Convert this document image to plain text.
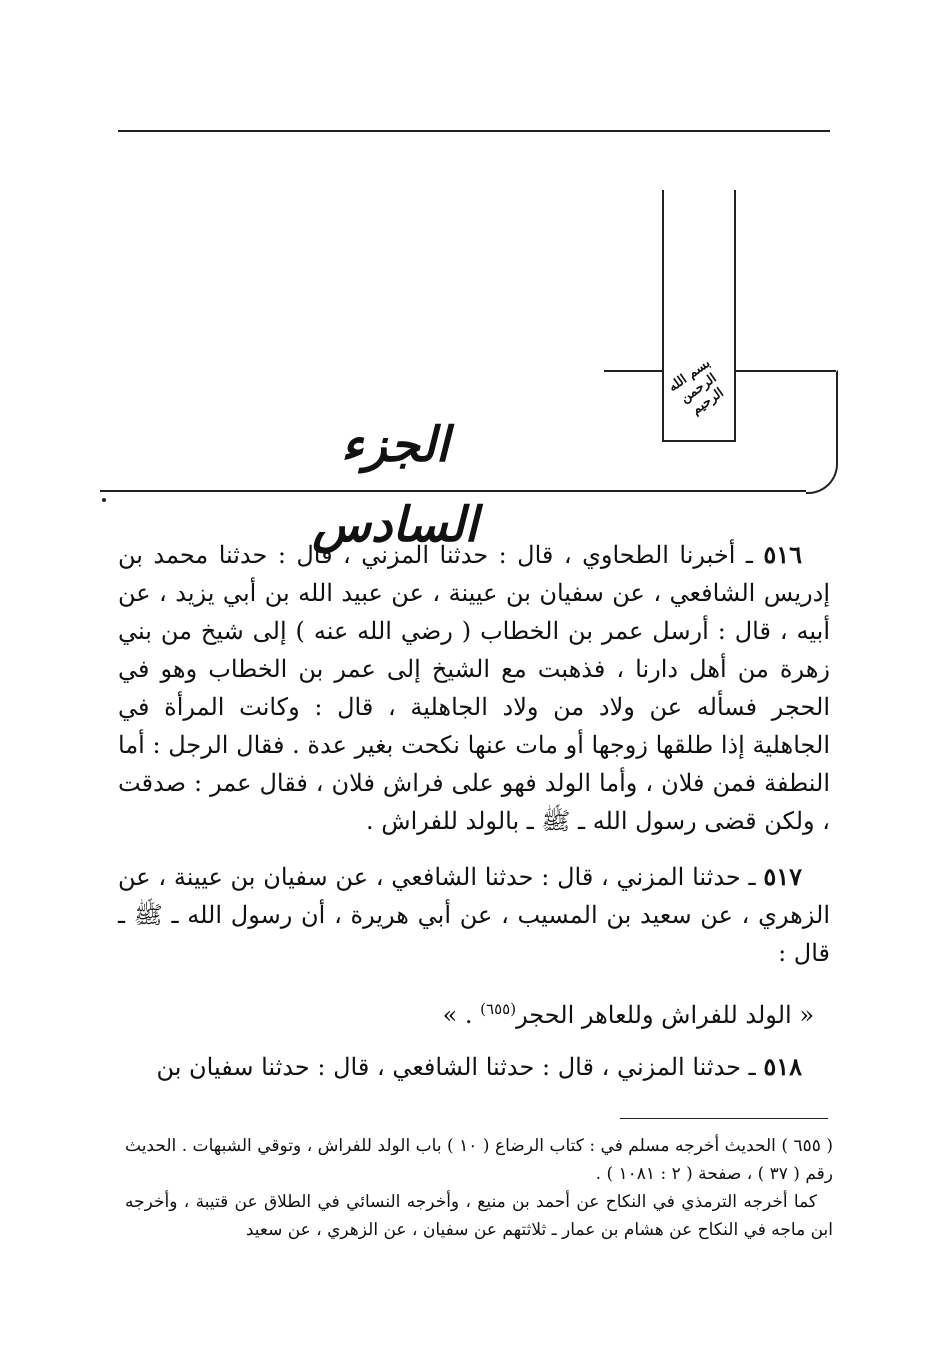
بسم الله الرحمن الرحيم
الجزء السادس

٥١٦ ـ أخبرنا الطحاوي ، قال : حدثنا المزني ، قال : حدثنا محمد بن إدريس الشافعي ، عن سفيان بن عيينة ، عن عبيد الله بن أبي يزيد ، عن أبيه ، قال : أرسل عمر بن الخطاب ( رضي الله عنه ) إلى شيخ من بني زهرة من أهل دارنا ، فذهبت مع الشيخ إلى عمر بن الخطاب وهو في الحجر فسأله عن ولاد من ولاد الجاهلية ، قال : وكانت المرأة في الجاهلية إذا طلقها زوجها أو مات عنها نكحت بغير عدة . فقال الرجل : أما النطفة فمن فلان ، وأما الولد فهو على فراش فلان ، فقال عمر : صدقت ، ولكن قضى رسول الله ـ ﷺ ـ بالولد للفراش .

٥١٧ ـ حدثنا المزني ، قال : حدثنا الشافعي ، عن سفيان بن عيينة ، عن الزهري ، عن سعيد بن المسيب ، عن أبي هريرة ، أن رسول الله ـ ﷺ ـ قال :

« الولد للفراش وللعاهر الحجر$^{(٦٥٥)}$ . »

٥١٨ ـ حدثنا المزني ، قال : حدثنا الشافعي ، قال : حدثنا سفيان بن

( ٦٥٥ ) الحديث أخرجه مسلم في : كتاب الرضاع ( ١٠ ) باب الولد للفراش ، وتوقي الشبهات . الحديث رقم ( ٣٧ ) ، صفحة ( ٢ : ١٠٨١ ) .

كما أخرجه الترمذي في النكاح عن أحمد بن منيع ، وأخرجه النسائي في الطلاق عن قتيبة ، وأخرجه ابن ماجه في النكاح عن هشام بن عمار ـ ثلاثتهم عن سفيان ، عن الزهري ، عن سعيد
